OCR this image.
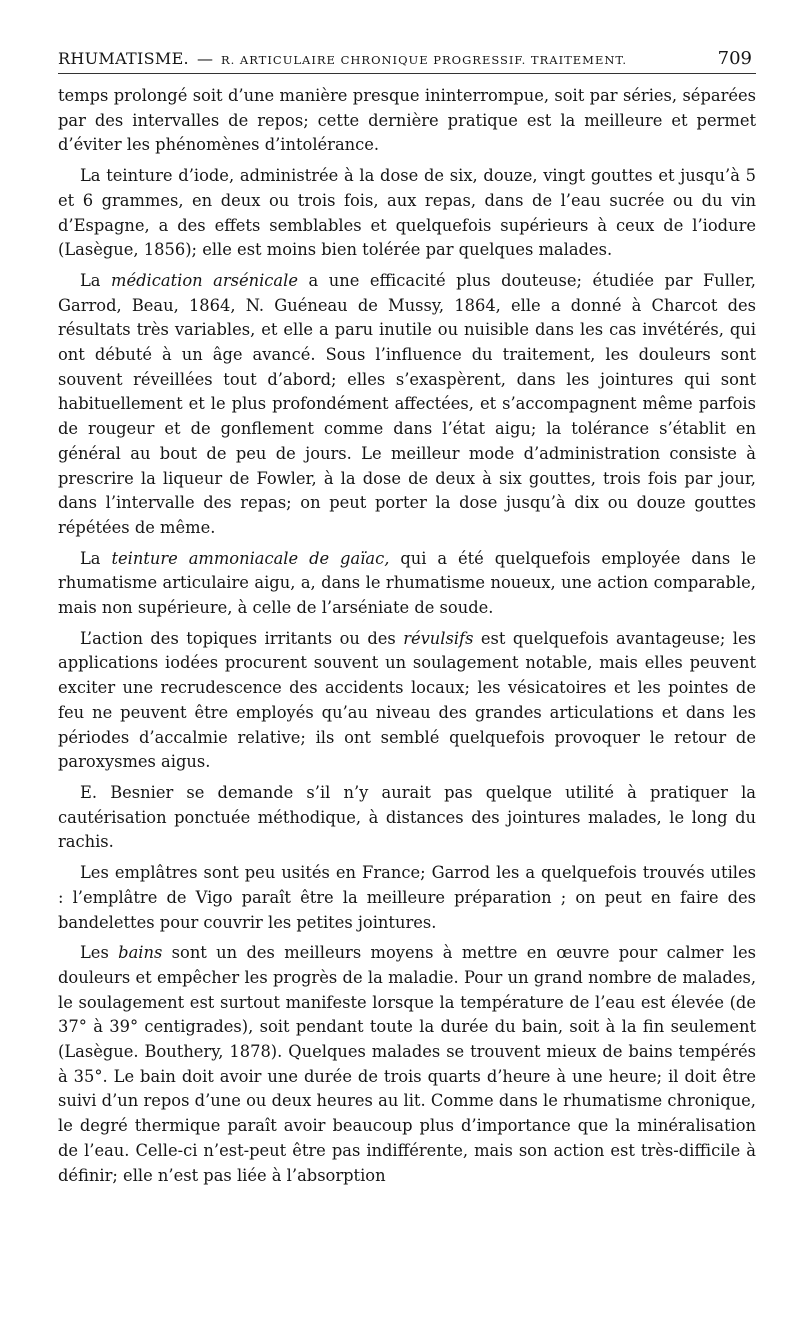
RHUMATISME. — R. ARTICULAIRE CHRONIQUE PROGRESSIF. TRAITEMENT.	709

temps prolongé soit d’une manière presque ininterrompue, soit par séries, séparées par des intervalles de repos; cette dernière pratique est la meilleure et permet d’éviter les phénomènes d’intolérance.

La teinture d’iode, administrée à la dose de six, douze, vingt gouttes et jusqu’à 5 et 6 grammes, en deux ou trois fois, aux repas, dans de l’eau sucrée ou du vin d’Espagne, a des effets semblables et quelquefois supérieurs à ceux de l’iodure (Lasègue, 1856); elle est moins bien tolérée par quelques malades.

La médication arsénicale a une efficacité plus douteuse; étudiée par Fuller, Garrod, Beau, 1864, N. Guéneau de Mussy, 1864, elle a donné à Charcot des résultats très variables, et elle a paru inutile ou nuisible dans les cas invétérés, qui ont débuté à un âge avancé. Sous l’influence du traitement, les douleurs sont souvent réveillées tout d’abord; elles s’exaspèrent, dans les jointures qui sont habituellement et le plus profondément affectées, et s’accompagnent même parfois de rougeur et de gonflement comme dans l’état aigu; la tolérance s’établit en général au bout de peu de jours. Le meilleur mode d’administration consiste à prescrire la liqueur de Fowler, à la dose de deux à six gouttes, trois fois par jour, dans l’intervalle des repas; on peut porter la dose jusqu’à dix ou douze gouttes répétées de même.

La teinture ammoniacale de gaïac, qui a été quelquefois employée dans le rhumatisme articulaire aigu, a, dans le rhumatisme noueux, une action comparable, mais non supérieure, à celle de l’arséniate de soude.

L’action des topiques irritants ou des révulsifs est quelquefois avantageuse; les applications iodées procurent souvent un soulagement notable, mais elles peuvent exciter une recrudescence des accidents locaux; les vésicatoires et les pointes de feu ne peuvent être employés qu’au niveau des grandes articulations et dans les périodes d’accalmie relative; ils ont semblé quelquefois provoquer le retour de paroxysmes aigus.

E. Besnier se demande s’il n’y aurait pas quelque utilité à pratiquer la cautérisation ponctuée méthodique, à distances des jointures malades, le long du rachis.

Les emplâtres sont peu usités en France; Garrod les a quelquefois trouvés utiles : l’emplâtre de Vigo paraît être la meilleure préparation ; on peut en faire des bandelettes pour couvrir les petites jointures.

Les bains sont un des meilleurs moyens à mettre en œuvre pour calmer les douleurs et empêcher les progrès de la maladie. Pour un grand nombre de malades, le soulagement est surtout manifeste lorsque la température de l’eau est élevée (de 37° à 39° centigrades), soit pendant toute la durée du bain, soit à la fin seulement (Lasègue. Bouthery, 1878). Quelques malades se trouvent mieux de bains tempérés à 35°. Le bain doit avoir une durée de trois quarts d’heure à une heure; il doit être suivi d’un repos d’une ou deux heures au lit. Comme dans le rhumatisme chronique, le degré thermique paraît avoir beaucoup plus d’importance que la minéralisation de l’eau. Celle-ci n’est-peut être pas indifférente, mais son action est très-difficile à définir; elle n’est pas liée à l’absorption
